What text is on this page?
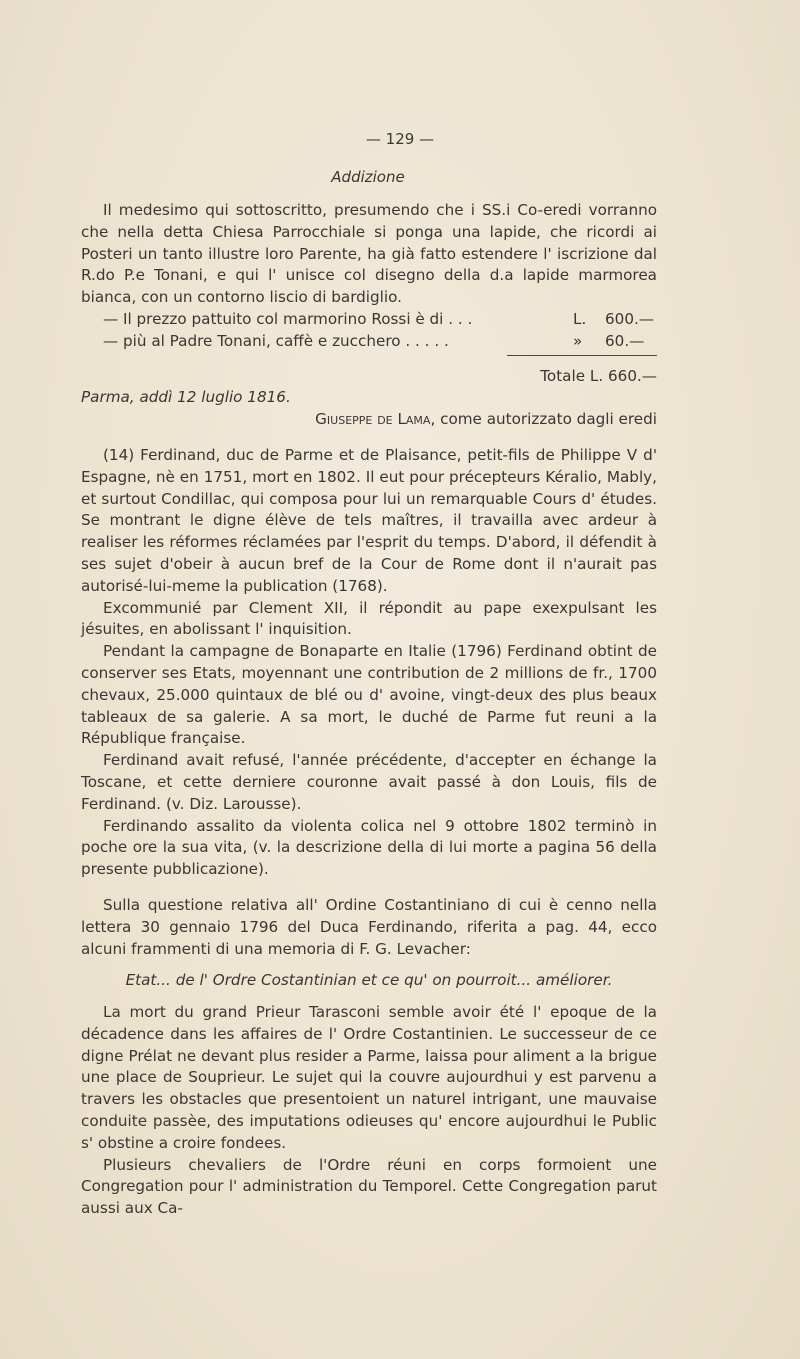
— 129 —
Addizione

Il medesimo qui sottoscritto, presumendo che i SS.i Co-eredi vorranno che nella detta Chiesa Parrocchiale si ponga una lapide, che ricordi ai Posteri un tanto illustre loro Parente, ha già fatto estendere l' iscrizione dal R.do P.e Tonani, e qui l' unisce col disegno della d.a lapide marmorea bianca, con un contorno liscio di bardiglio.

— Il prezzo pattuito col marmorino Rossi è di . . .	L.	600.—
— più al Padre Tonani, caffè e zucchero . . . . .	»	60.—
Totale L. 660.—
Parma, addì 12 luglio 1816.
Giuseppe de Lama, come autorizzato dagli eredi

(14) Ferdinand, duc de Parme et de Plaisance, petit-fils de Philippe V d' Espagne, nè en 1751, mort en 1802. Il eut pour précepteurs Kéralio, Mably, et surtout Condillac, qui composa pour lui un remarquable Cours d' études. Se montrant le digne élève de tels maîtres, il travailla avec ardeur à realiser les réformes réclamées par l'esprit du temps. D'abord, il défendit à ses sujet d'obeir à aucun bref de la Cour de Rome dont il n'aurait pas autorisé-lui-meme la publication (1768).

Excommunié par Clement XII, il répondit au pape exexpulsant les jésuites, en abolissant l' inquisition.

Pendant la campagne de Bonaparte en Italie (1796) Ferdinand obtint de conserver ses Etats, moyennant une contribution de 2 millions de fr., 1700 chevaux, 25.000 quintaux de blé ou d' avoine, vingt-deux des plus beaux tableaux de sa galerie. A sa mort, le duché de Parme fut reuni a la République française.

Ferdinand avait refusé, l'année précédente, d'accepter en échange la Toscane, et cette derniere couronne avait passé à don Louis, fils de Ferdinand. (v. Diz. Larousse).

Ferdinando assalito da violenta colica nel 9 ottobre 1802 terminò in poche ore la sua vita, (v. la descrizione della di lui morte a pagina 56 della presente pubblicazione).

Sulla questione relativa all' Ordine Costantiniano di cui è cenno nella lettera 30 gennaio 1796 del Duca Ferdinando, riferita a pag. 44, ecco alcuni frammenti di una memoria di F. G. Levacher:

Etat... de l' Ordre Costantinian et ce qu' on pourroit... améliorer.

La mort du grand Prieur Tarasconi semble avoir été l' epoque de la décadence dans les affaires de l' Ordre Costantinien. Le successeur de ce digne Prélat ne devant plus resider a Parme, laissa pour aliment a la brigue une place de Souprieur. Le sujet qui la couvre aujourdhui y est parvenu a travers les obstacles que presentoient un naturel intrigant, une mauvaise conduite passèe, des imputations odieuses qu' encore aujourdhui le Public s' obstine a croire fondees.

Plusieurs chevaliers de l'Ordre réuni en corps formoient une Congregation pour l' administration du Temporel. Cette Congregation parut aussi aux Ca-
